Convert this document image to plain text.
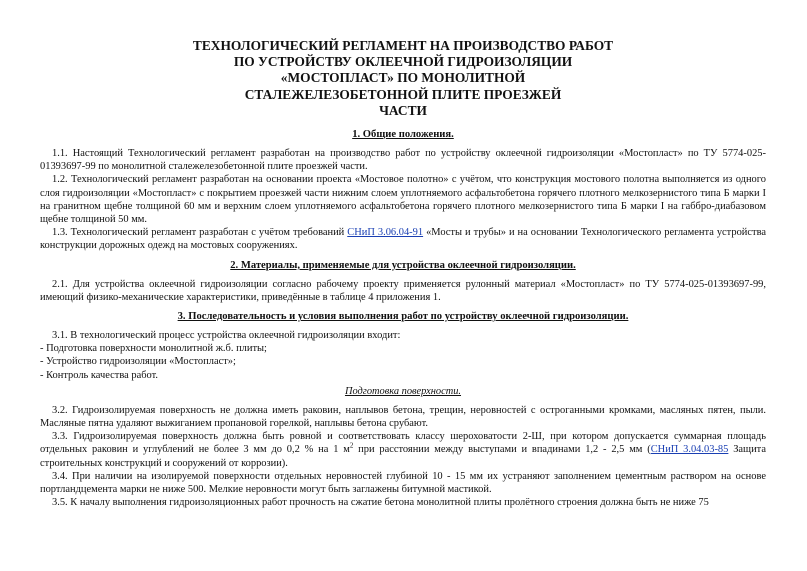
ТЕХНОЛОГИЧЕСКИЙ РЕГЛАМЕНТ НА ПРОИЗВОДСТВО РАБОТ
ПО УСТРОЙСТВУ ОКЛЕЕЧНОЙ ГИДРОИЗОЛЯЦИИ
«МОСТОПЛАСТ» ПО МОНОЛИТНОЙ
СТАЛЕЖЕЛЕЗОБЕТОННОЙ ПЛИТЕ ПРОЕЗЖЕЙ
ЧАСТИ
1. Общие положения.

1.1. Настоящий Технологический регламент разработан на производство работ по устройству оклеечной гидроизоляции «Мостопласт» по ТУ 5774-025-01393697-99 по монолитной сталежелезобетонной плите проезжей части.

1.2. Технологический регламент разработан на основании проекта «Мостовое полотно» с учётом, что конструкция мостового полотна выполняется из одного слоя гидроизоляции «Мостопласт» с покрытием проезжей части нижним слоем уплотняемого асфальтобетона горячего плотного мелкозернистого типа Б марки I на гранитном щебне толщиной 60 мм и верхним слоем уплотняемого асфальтобетона горячего плотного мелкозернистого типа Б марки I на габбро-диабазовом щебне толщиной 50 мм.

1.3. Технологический регламент разработан с учётом требований СНиП 3.06.04-91 «Мосты и трубы» и на основании Технологического регламента устройства конструкции дорожных одежд на мостовых сооружениях.

2. Материалы, применяемые для устройства оклеечной гидроизоляции.

2.1. Для устройства оклеечной гидроизоляции согласно рабочему проекту применяется рулонный материал «Мостопласт» по ТУ 5774-025-01393697-99, имеющий физико-механические характеристики, приведённые в таблице 4 приложения 1.

3. Последовательность и условия выполнения работ по устройству оклеечной гидроизоляции.

3.1. В технологический процесс устройства оклеечной гидроизоляции входит:

- Подготовка поверхности монолитной ж.б. плиты;
- Устройство гидроизоляции «Мостопласт»;
- Контроль качества работ.
Подготовка поверхности.

3.2. Гидроизолируемая поверхность не должна иметь раковин, наплывов бетона, трещин, неровностей с остроганными кромками, масляных пятен, пыли. Масляные пятна удаляют выжиганием пропановой горелкой, наплывы бетона срубают.

3.3. Гидроизолируемая поверхность должна быть ровной и соответствовать классу шероховатости 2-Ш, при котором допускается суммарная площадь отдельных раковин и углублений не более 3 мм до 0,2 % на 1 $м^2$ при расстоянии между выступами и впадинами 1,2 - 2,5 мм (СНиП 3.04.03-85 Защита строительных конструкций и сооружений от коррозии).

3.4. При наличии на изолируемой поверхности отдельных неровностей глубиной 10 - 15 мм их устраняют заполнением цементным раствором на основе портландцемента марки не ниже 500. Мелкие неровности могут быть заглажены битумной мастикой.

3.5. К началу выполнения гидроизоляционных работ прочность на сжатие бетона монолитной плиты пролётного строения должна быть не ниже 75
